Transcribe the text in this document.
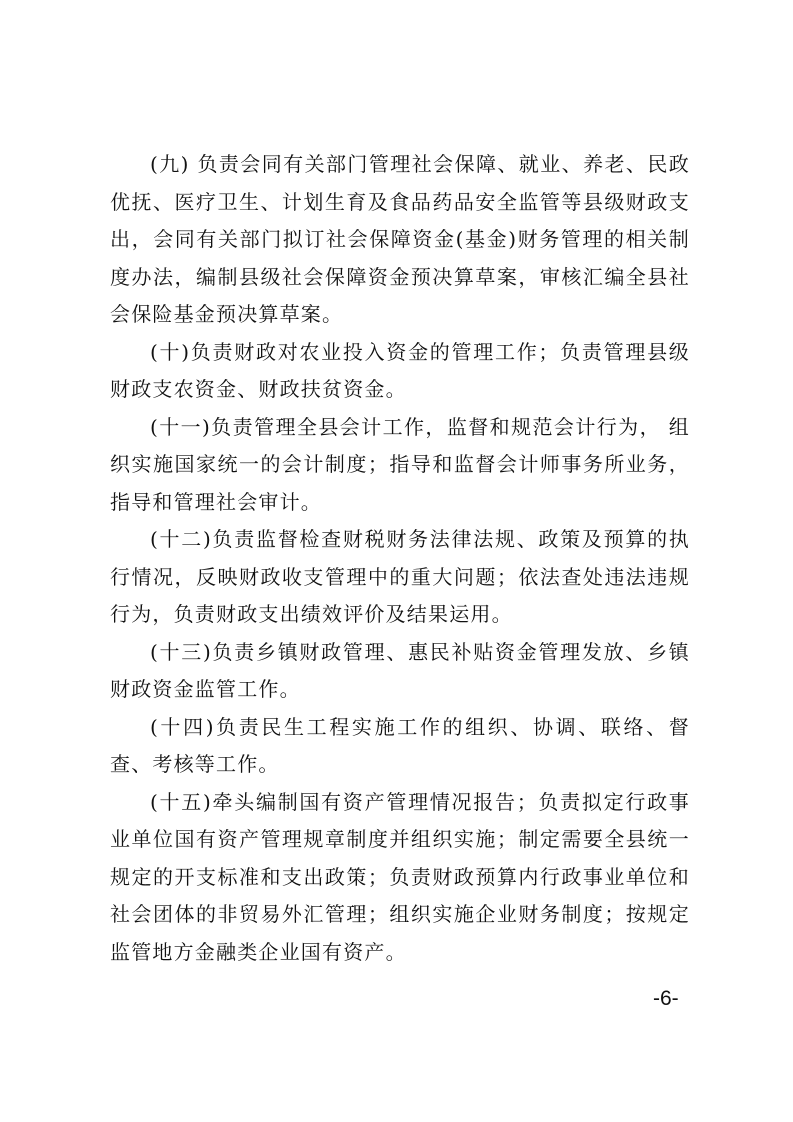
(九) 负责会同有关部门管理社会保障、就业、养老、民政优抚、医疗卫生、计划生育及食品药品安全监管等县级财政支出，会同有关部门拟订社会保障资金(基金)财务管理的相关制度办法，编制县级社会保障资金预决算草案，审核汇编全县社会保险基金预决算草案。

(十)负责财政对农业投入资金的管理工作；负责管理县级财政支农资金、财政扶贫资金。

(十一)负责管理全县会计工作，监督和规范会计行为， 组织实施国家统一的会计制度；指导和监督会计师事务所业务，指导和管理社会审计。

(十二)负责监督检查财税财务法律法规、政策及预算的执行情况，反映财政收支管理中的重大问题；依法查处违法违规行为，负责财政支出绩效评价及结果运用。

(十三)负责乡镇财政管理、惠民补贴资金管理发放、乡镇财政资金监管工作。

(十四)负责民生工程实施工作的组织、协调、联络、督查、考核等工作。

(十五)牵头编制国有资产管理情况报告；负责拟定行政事业单位国有资产管理规章制度并组织实施；制定需要全县统一规定的开支标准和支出政策；负责财政预算内行政事业单位和社会团体的非贸易外汇管理；组织实施企业财务制度；按规定监管地方金融类企业国有资产。

-6-
